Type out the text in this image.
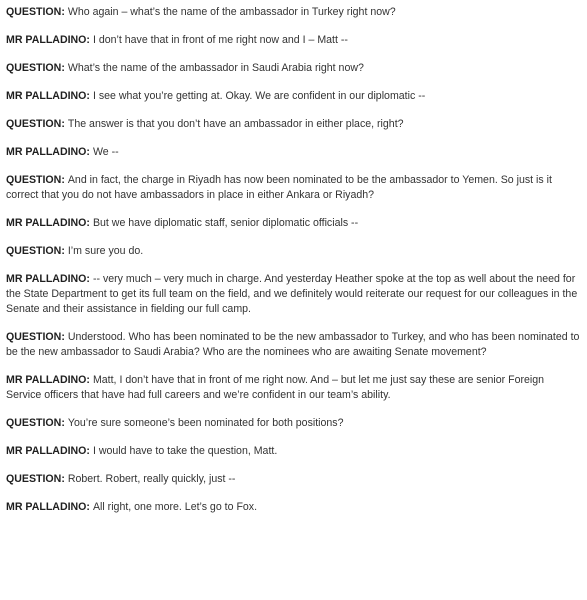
QUESTION: Who again – what’s the name of the ambassador in Turkey right now?

MR PALLADINO: I don’t have that in front of me right now and I – Matt --

QUESTION: What’s the name of the ambassador in Saudi Arabia right now?

MR PALLADINO: I see what you’re getting at. Okay. We are confident in our diplomatic --

QUESTION: The answer is that you don’t have an ambassador in either place, right?

MR PALLADINO: We --

QUESTION: And in fact, the charge in Riyadh has now been nominated to be the ambassador to Yemen. So just is it correct that you do not have ambassadors in place in either Ankara or Riyadh?

MR PALLADINO: But we have diplomatic staff, senior diplomatic officials --

QUESTION: I’m sure you do.

MR PALLADINO: -- very much – very much in charge. And yesterday Heather spoke at the top as well about the need for the State Department to get its full team on the field, and we definitely would reiterate our request for our colleagues in the Senate and their assistance in fielding our full camp.

QUESTION: Understood. Who has been nominated to be the new ambassador to Turkey, and who has been nominated to be the new ambassador to Saudi Arabia? Who are the nominees who are awaiting Senate movement?

MR PALLADINO: Matt, I don’t have that in front of me right now. And – but let me just say these are senior Foreign Service officers that have had full careers and we’re confident in our team’s ability.

QUESTION: You’re sure someone’s been nominated for both positions?

MR PALLADINO: I would have to take the question, Matt.

QUESTION: Robert. Robert, really quickly, just --

MR PALLADINO: All right, one more. Let’s go to Fox.
